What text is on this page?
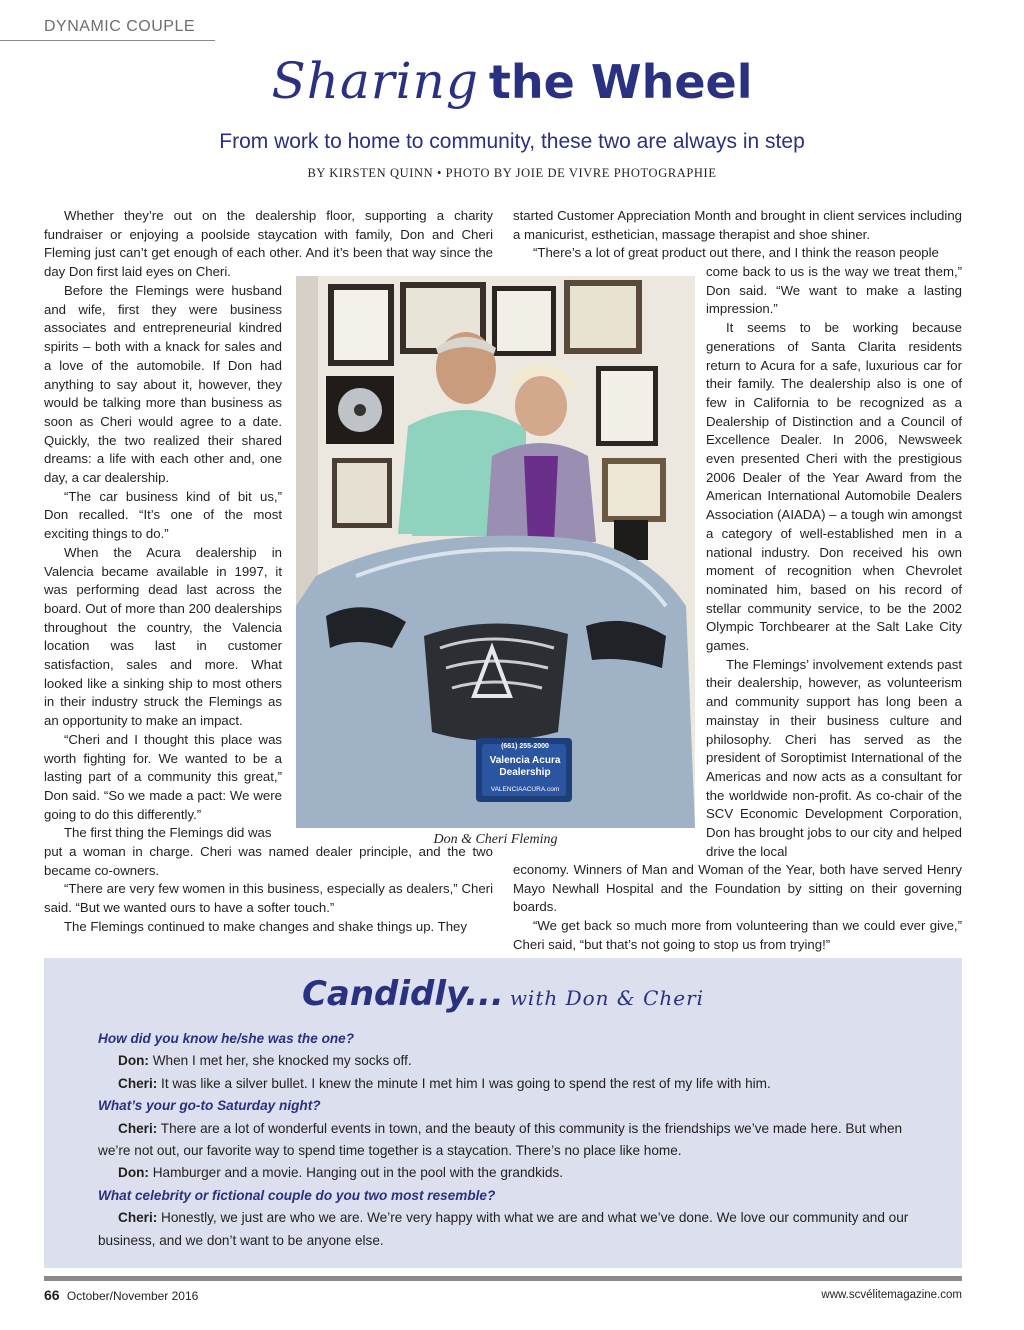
DYNAMIC COUPLE
Sharing the Wheel
From work to home to community, these two are always in step
BY KIRSTEN QUINN • PHOTO BY JOIE DE VIVRE PHOTOGRAPHIE

Whether they’re out on the dealership floor, supporting a charity fundraiser or enjoying a poolside staycation with family, Don and Cheri Fleming just can’t get enough of each other. And it’s been that way since the day Don first laid eyes on Cheri.

Before the Flemings were husband and wife, first they were business associates and entrepreneurial kindred spirits – both with a knack for sales and a love of the automobile. If Don had anything to say about it, however, they would be talking more than business as soon as Cheri would agree to a date. Quickly, the two realized their shared dreams: a life with each other and, one day, a car dealership.

“The car business kind of bit us,” Don recalled. “It’s one of the most exciting things to do.”

When the Acura dealership in Valencia became available in 1997, it was performing dead last across the board. Out of more than 200 dealerships throughout the country, the Valencia location was last in customer satisfaction, sales and more. What looked like a sinking ship to most others in their industry struck the Flemings as an opportunity to make an impact.

“Cheri and I thought this place was worth fighting for. We wanted to be a lasting part of a community this great,” Don said. “So we made a pact: We were going to do this differently.”

The first thing the Flemings did was

put a woman in charge. Cheri was named dealer principle, and the two became co-owners.

“There are very few women in this business, especially as dealers,” Cheri said. “But we wanted ours to have a softer touch.”

The Flemings continued to make changes and shake things up. They

started Customer Appreciation Month and brought in client services including a manicurist, esthetician, massage therapist and shoe shiner.

“There’s a lot of great product out there, and I think the reason people

come back to us is the way we treat them,” Don said. “We want to make a lasting impression.”

It seems to be working because generations of Santa Clarita residents return to Acura for a safe, luxurious car for their family. The dealership also is one of few in California to be recognized as a Dealership of Distinction and a Council of Excellence Dealer. In 2006, Newsweek even presented Cheri with the prestigious 2006 Dealer of the Year Award from the American International Automobile Dealers Association (AIADA) – a tough win amongst a category of well-established men in a national industry. Don received his own moment of recognition when Chevrolet nominated him, based on his record of stellar community service, to be the 2002 Olympic Torchbearer at the Salt Lake City games.

The Flemings’ involvement extends past their dealership, however, as volunteerism and community support has long been a mainstay in their business culture and philosophy. Cheri has served as the president of Soroptimist International of the Americas and now acts as a consultant for the worldwide non-profit. As co-chair of the SCV Economic Development Corporation, Don has brought jobs to our city and helped drive the local

economy. Winners of Man and Woman of the Year, both have served Henry Mayo Newhall Hospital and the Foundation by sitting on their governing boards.

“We get back so much more from volunteering than we could ever give,” Cheri said, “but that’s not going to stop us from trying!”

(661) 255-2000
Valencia Acura Dealership
VALENCIAACURA.com
Don & Cheri Fleming
Candidly... with Don & Cheri
How did you know he/she was the one?
Don: When I met her, she knocked my socks off.
Cheri: It was like a silver bullet. I knew the minute I met him I was going to spend the rest of my life with him.
What’s your go-to Saturday night?
Cheri: There are a lot of wonderful events in town, and the beauty of this community is the friendships we’ve made here. But when we’re not out, our favorite way to spend time together is a staycation. There’s no place like home.
Don: Hamburger and a movie. Hanging out in the pool with the grandkids.
What celebrity or fictional couple do you two most resemble?
Cheri: Honestly, we just are who we are. We’re very happy with what we are and what we’ve done. We love our community and our business, and we don’t want to be anyone else.
66 October/November 2016	www.scvélitemagazine.com
